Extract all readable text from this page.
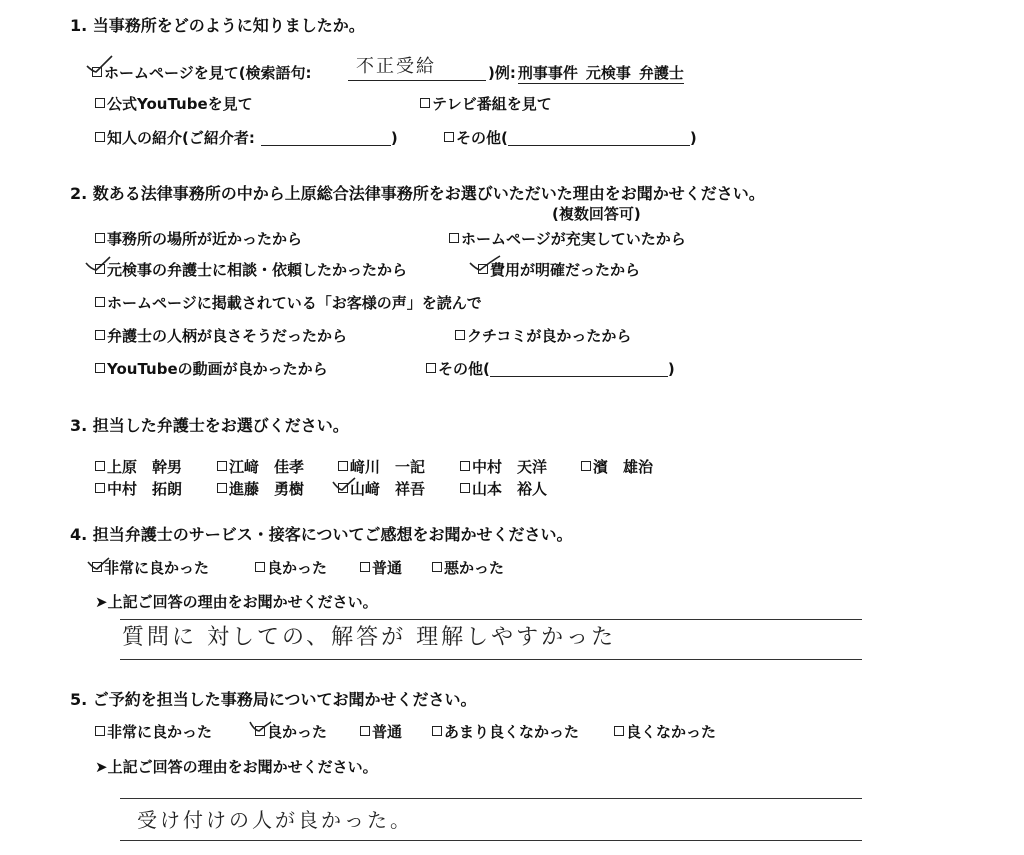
1. 当事務所をどのように知りましたか。
ホームページを見て(検索語句: 不正受給	)例: 刑事事件 元検事 弁護士
公式YouTubeを見て	テレビ番組を見て
知人の紹介(ご紹介者:	)	その他(	)
2. 数ある法律事務所の中から上原総合法律事務所をお選びいただいた理由をお聞かせください。
(複数回答可)
事務所の場所が近かったから	ホームページが充実していたから
元検事の弁護士に相談・依頼したかったから	費用が明確だったから
ホームページに掲載されている「お客様の声」を読んで
弁護士の人柄が良さそうだったから	クチコミが良かったから
YouTubeの動画が良かったから	その他(	)
3. 担当した弁護士をお選びください。
上原　幹男	江﨑　佳孝	﨑川　一記	中村　天洋	濱　雄治
中村　拓朗	進藤　勇樹	山﨑　祥吾	山本　裕人
4. 担当弁護士のサービス・接客についてご感想をお聞かせください。
非常に良かった	良かった	普通	悪かった
➤上記ご回答の理由をお聞かせください。
質問に 対しての、解答が 理解しやすかった
5. ご予約を担当した事務局についてお聞かせください。
非常に良かった	良かった	普通	あまり良くなかった	良くなかった
➤上記ご回答の理由をお聞かせください。
受け付けの人が良かった。
